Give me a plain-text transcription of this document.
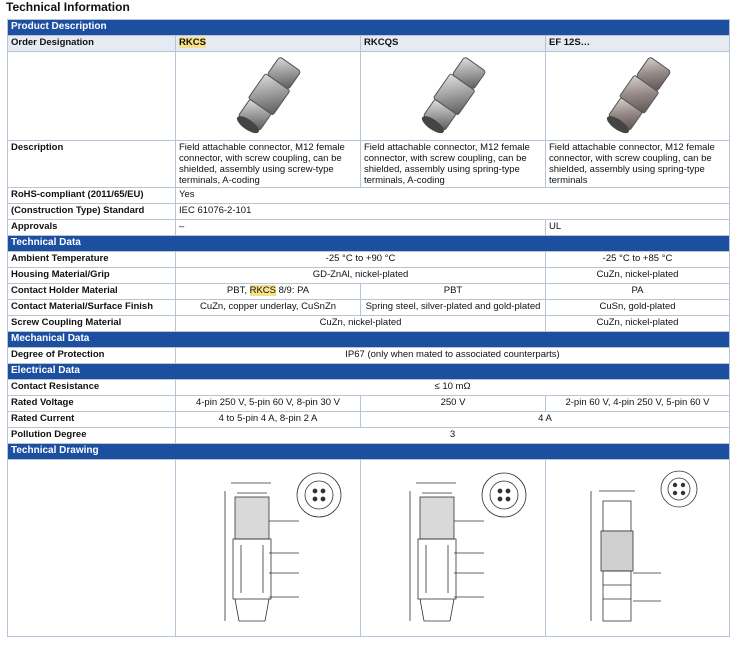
Technical Information
Product Description			
Order Designation	RKCS	RKCQS	EF 12S…

Description	Field attachable connector, M12 female connector, with screw coupling, can be shielded, assembly using screw-type terminals, A-coding	Field attachable connector, M12 female connector, with screw coupling, can be shielded, assembly using spring-type terminals, A-coding	Field attachable connector, M12 female connector, with screw coupling, can be shielded, assembly using spring-type terminals
RoHS-compliant (2011/65/EU)	Yes		
(Construction Type) Standard	IEC 61076-2-101		
Approvals	–		UL
Technical Data			
Ambient Temperature	-25 °C to +90 °C		-25 °C to +85 °C
Housing Material/Grip	GD-ZnAl, nickel-plated		CuZn, nickel-plated
Contact Holder Material	PBT, RKCS 8/9: PA	PBT	PA
Contact Material/Surface Finish	CuZn, copper underlay, CuSnZn	Spring steel, silver-plated and gold-plated	CuSn, gold-plated
Screw Coupling Material	CuZn, nickel-plated		CuZn, nickel-plated
Mechanical Data			
Degree of Protection	IP67 (only when mated to associated counterparts)		
Electrical Data			
Contact Resistance	≤ 10 mΩ		
Rated Voltage	4-pin 250 V, 5-pin 60 V, 8-pin 30 V	250 V	2-pin 60 V, 4-pin 250 V, 5-pin 60 V
Rated Current	4 to 5-pin 4 A, 8-pin 2 A	4 A	
Pollution Degree	3		
Technical Drawing			
